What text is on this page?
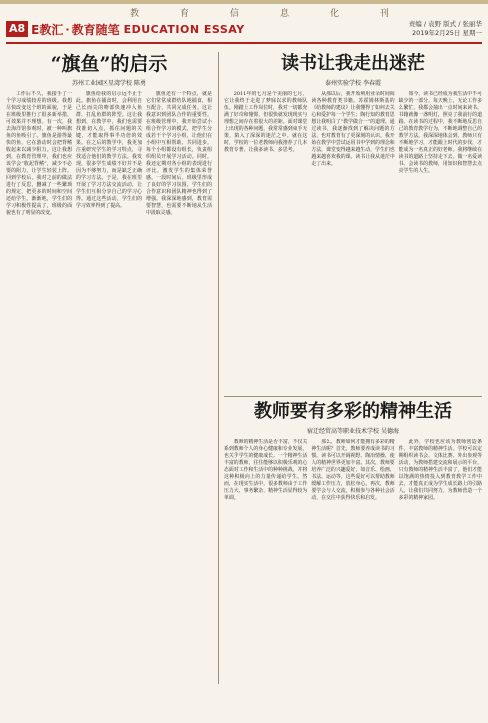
教	育	信	息	化	刊
A8 E教汇 · 教育随笔 EDUCATION ESSAY	责编 / 袁野 版式 / 张丽华
2019年2月25日 星期一
“旗鱼”的启示
苏州工业园区星湾学校 陈勇

工作后不久，我接手了一个学习成绩较差的班级。我想尽快改变这个班的面貌，于是在班级里推行了很多新举措，可效果并不理想。有一次，我去海洋馆参观时，被一种叫旗鱼的鱼吸引了。旗鱼是游得最快的鱼，它在游动时会把背鳍收起来以减少阻力。这让我想到，在教育管理中，我们也应该学会“收起背鳍”，减少不必要的阻力，让学生轻装上阵。回到学校后，我对之前的做法进行了反思，删减了一些繁琐的规定，把更多的时间和空间还给学生。渐渐地，学生们的学习积极性提高了，班级的面貌也有了明显的改变。

旗鱼给我的启示远不止于此。旗鱼在捕食时，会利用自己长而尖的吻部快速冲入鱼群，打乱鱼群的阵型。这让我想到，在教学中，我们也需要找准切入点，抓住问题的关键，才能取得事半功倍的效果。在之后的教学中，我更加注重研究学生的学习特点，寻找适合他们的教学方法。我发现，很多学生成绩不好并不是因为不够努力，而是缺乏正确的学习方法。于是，我在班里开展了学习方法交流活动，让学生们互相分享自己的学习心得。通过这些活动，学生们的学习效率得到了提高。

旗鱼还有一个特点，就是它们常常成群结队地捕食，相互配合，共同完成任务。这让我意识到团队合作的重要性。在班级管理中，我开始尝试小组合作学习的模式，把学生分成若干个学习小组，让他们在小组中互相帮助、共同进步。每个小组都设有组长，负责组织组员开展学习活动。同时，我还定期对各小组的表现进行评比，激发学生的集体荣誉感。一段时间后，班级里形成了良好的学习氛围，学生们的合作意识和团队精神也得到了增强。我深深地感到，教育需要智慧，也需要不断地从生活中汲取灵感。

读书让我走出迷茫
泰州实验学校 李春霞

2011年的七月是个美丽的七月，它让我终于走进了梦寐以求的教师队伍。刚踏上工作岗位时，我对一切都充满了好奇和憧憬，但很快就发现现实与理想之间存在着很大的差距。面对课堂上出现的各种问题，我常常感到束手无策，陷入了深深的迷茫之中。就在这时，学校的一位老教师向我推荐了几本教育专著，让我多读书、多思考。

从那以后，我开始利用业余时间阅读各种教育类书籍。苏霍姆林斯基的《给教师的建议》让我懂得了如何去关心和爱护每一个学生；陶行知的教育思想让我明白了“教学做合一”的道理。通过读书，我逐渐找到了解决问题的方法，也对教育有了更深刻的认识。我开始在教学中尝试运用书中学到的理念和方法，课堂变得越来越生动，学生们也越来越喜欢我的课。读书让我从迷茫中走了出来。

如今，读书已经成为我生活中不可缺少的一部分。每天晚上，无论工作多么繁忙，我都会抽出一点时间来读书。书籍就像一盏明灯，照亮了我前行的道路。在读书的过程中，我不断地反思自己的教育教学行为，不断地调整自己的教学方法。我深深地体会到，教师只有不断地学习，才能跟上时代的步伐，才能成为一名真正的好老师。我将继续在读书的道路上坚持走下去，做一名爱读书、会读书的教师，用知识和智慧去点亮学生的人生。

教师要有多彩的精神生活
宿迁经贸高等职业技术学校 吴德海

教师的精神生活是否丰富，不仅关系到教师个人的身心健康和专业发展，也关乎学生的健康成长。一个精神生活丰富的教师，往往能够以积极乐观的心态面对工作和生活中的种种挑战，并将这种积极向上的力量传递给学生。然而，在现实生活中，很多教师由于工作压力大、事务繁杂，精神生活显得较为单调。

那么，教师如何才能拥有多彩的精神生活呢？首先，教师要养成读书的习惯。读书可以开阔视野、陶冶情操，使人的精神世界更加丰富。其次，教师要培养广泛的兴趣爱好，如音乐、绘画、书法、运动等，这些爱好可以帮助教师缓解工作压力，放松身心。再次，教师要学会与人交流，积极参与各种社会活动，在交往中获得快乐和启发。

此外，学校也应该为教师创造条件，丰富教师的精神生活。学校可以定期组织读书会、文体比赛、外出参观等活动，为教师搭建交流和展示的平台。只有教师的精神生活丰富了，他们才能以饱满的热情投入到教育教学工作中去，才能真正成为学生成长路上的引路人。让我们共同努力，为教师营造一个多彩的精神家园。
